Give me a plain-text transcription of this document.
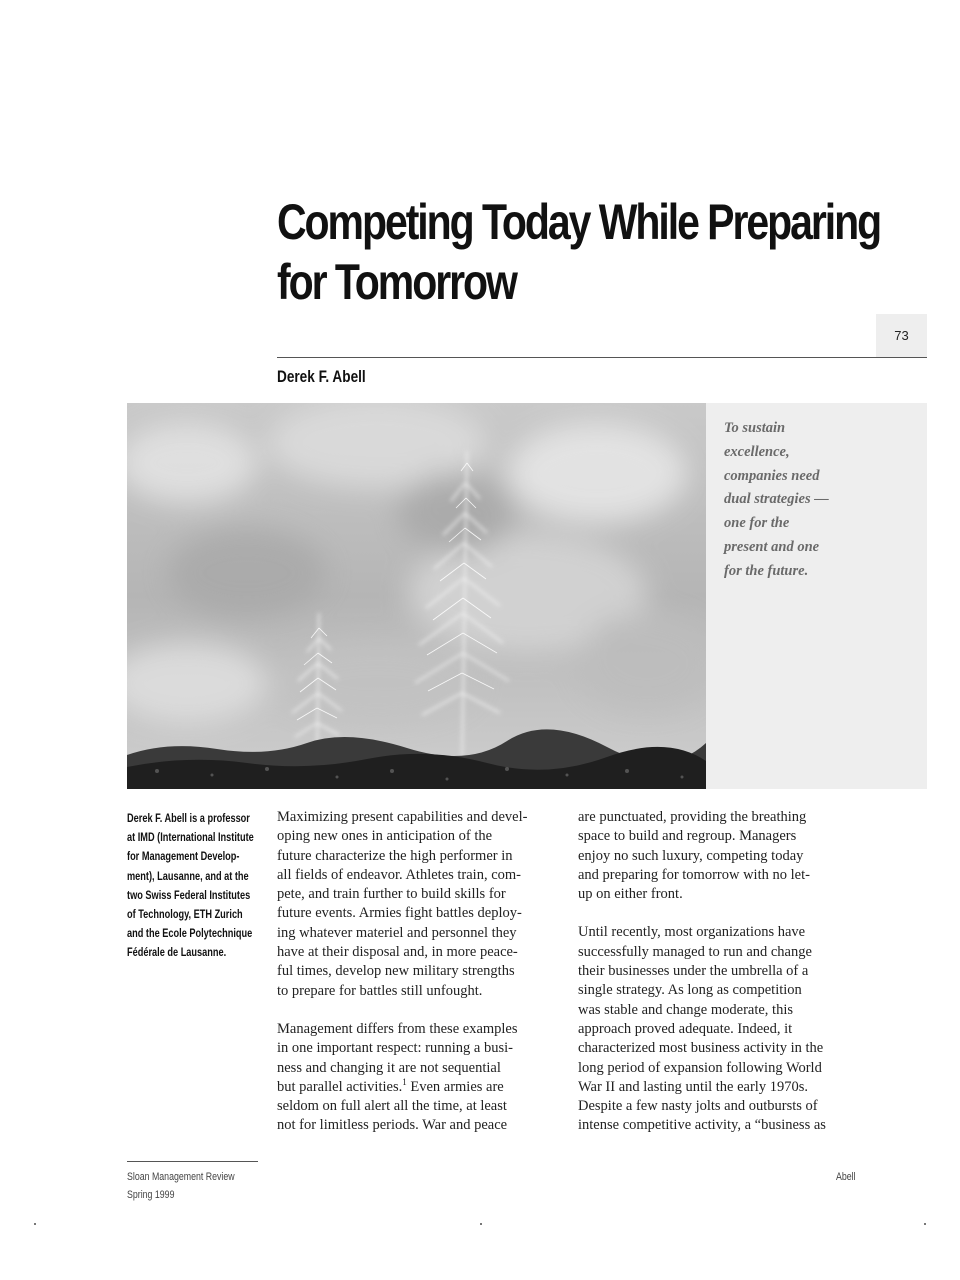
Competing Today While Preparing
for Tomorrow
73
Derek F. Abell
To sustain
excellence,
companies need
dual strategies —
one for the
present and one
for the future.
Derek F. Abell is a professor
at IMD (International Institute
for Management Develop-
ment), Lausanne, and at the
two Swiss Federal Institutes
of Technology, ETH Zurich
and the Ecole Polytechnique
Fédérale de Lausanne.
Maximizing present capabilities and devel-
oping new ones in anticipation of the
future characterize the high performer in
all fields of endeavor. Athletes train, com-
pete, and train further to build skills for
future events. Armies fight battles deploy-
ing whatever materiel and personnel they
have at their disposal and, in more peace-
ful times, develop new military strengths
to prepare for battles still unfought.
Management differs from these examples
in one important respect: running a busi-
ness and changing it are not sequential
but parallel activities.$^1$ Even armies are
seldom on full alert all the time, at least
not for limitless periods. War and peace
are punctuated, providing the breathing
space to build and regroup. Managers
enjoy no such luxury, competing today
and preparing for tomorrow with no let-
up on either front.
Until recently, most organizations have
successfully managed to run and change
their businesses under the umbrella of a
single strategy. As long as competition
was stable and change moderate, this
approach proved adequate. Indeed, it
characterized most business activity in the
long period of expansion following World
War II and lasting until the early 1970s.
Despite a few nasty jolts and outbursts of
intense competitive activity, a “business as
Sloan Management Review
Spring 1999
Abell
